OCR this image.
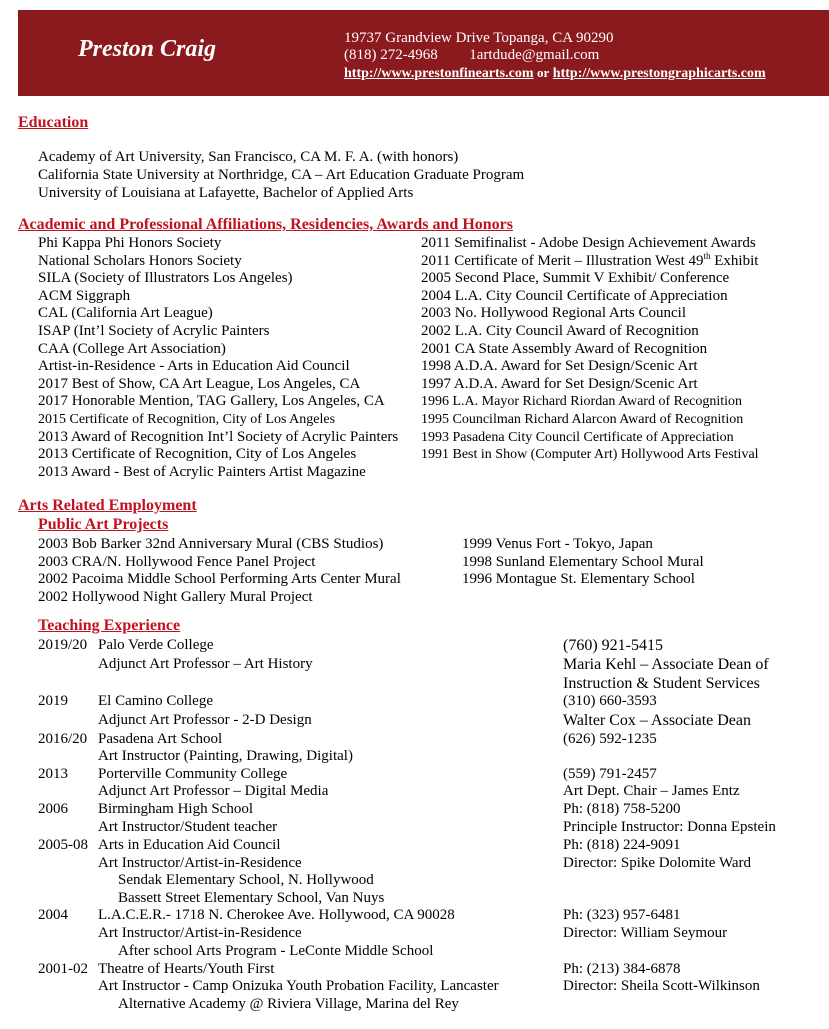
Preston Craig	19737 Grandview Drive Topanga, CA 90290
(818) 272-4968 1artdude@gmail.com
http://www.prestonfinearts.com or http://www.prestongraphicarts.com
Education
Academy of Art University, San Francisco, CA M. F. A. (with honors)
California State University at Northridge, CA – Art Education Graduate Program
University of Louisiana at Lafayette, Bachelor of Applied Arts
Academic and Professional Affiliations, Residencies, Awards and Honors
Phi Kappa Phi Honors Society
National Scholars Honors Society
SILA (Society of Illustrators Los Angeles)
ACM Siggraph
CAL (California Art League)
ISAP (Int’l Society of Acrylic Painters
CAA (College Art Association)
Artist-in-Residence - Arts in Education Aid Council
2017 Best of Show, CA Art League, Los Angeles, CA
2017 Honorable Mention, TAG Gallery, Los Angeles, CA
2015 Certificate of Recognition, City of Los Angeles
2013 Award of Recognition Int’l Society of Acrylic Painters
2013 Certificate of Recognition, City of Los Angeles
2013 Award - Best of Acrylic Painters Artist Magazine
2011 Semifinalist - Adobe Design Achievement Awards
2011 Certificate of Merit – Illustration West 49th Exhibit
2005 Second Place, Summit V Exhibit/ Conference
2004 L.A. City Council Certificate of Appreciation
2003 No. Hollywood Regional Arts Council
2002 L.A. City Council Award of Recognition
2001 CA State Assembly Award of Recognition
1998 A.D.A. Award for Set Design/Scenic Art
1997 A.D.A. Award for Set Design/Scenic Art
1996 L.A. Mayor Richard Riordan Award of Recognition
1995 Councilman Richard Alarcon Award of Recognition
1993 Pasadena City Council Certificate of Appreciation
1991 Best in Show (Computer Art) Hollywood Arts Festival
Arts Related Employment
Public Art Projects
2003 Bob Barker 32nd Anniversary Mural (CBS Studios)
2003 CRA/N. Hollywood Fence Panel Project
2002 Pacoima Middle School Performing Arts Center Mural
2002 Hollywood Night Gallery Mural Project
1999 Venus Fort - Tokyo, Japan
1998 Sunland Elementary School Mural
1996 Montague St. Elementary School
Teaching Experience
2019/20 Palo Verde College	(760) 921-5415
Adjunct Art Professor – Art History	Maria Kehl – Associate Dean of
Instruction & Student Services
2019 El Camino College	(310) 660-3593
Adjunct Art Professor - 2-D Design	Walter Cox – Associate Dean
2016/20 Pasadena Art School	(626) 592-1235
Art Instructor (Painting, Drawing, Digital)
2013 Porterville Community College	(559) 791-2457
Adjunct Art Professor – Digital Media	Art Dept. Chair – James Entz
2006 Birmingham High School	Ph: (818) 758-5200
Art Instructor/Student teacher	Principle Instructor: Donna Epstein
2005-08 Arts in Education Aid Council	Ph: (818) 224-9091
Art Instructor/Artist-in-Residence	Director: Spike Dolomite Ward
Sendak Elementary School, N. Hollywood
Bassett Street Elementary School, Van Nuys
2004 L.A.C.E.R.- 1718 N. Cherokee Ave. Hollywood, CA 90028	Ph: (323) 957-6481
Art Instructor/Artist-in-Residence	Director: William Seymour
After school Arts Program - LeConte Middle School
2001-02 Theatre of Hearts/Youth First	Ph: (213) 384-6878
Art Instructor - Camp Onizuka Youth Probation Facility, Lancaster	Director: Sheila Scott-Wilkinson
Alternative Academy @ Riviera Village, Marina del Rey
